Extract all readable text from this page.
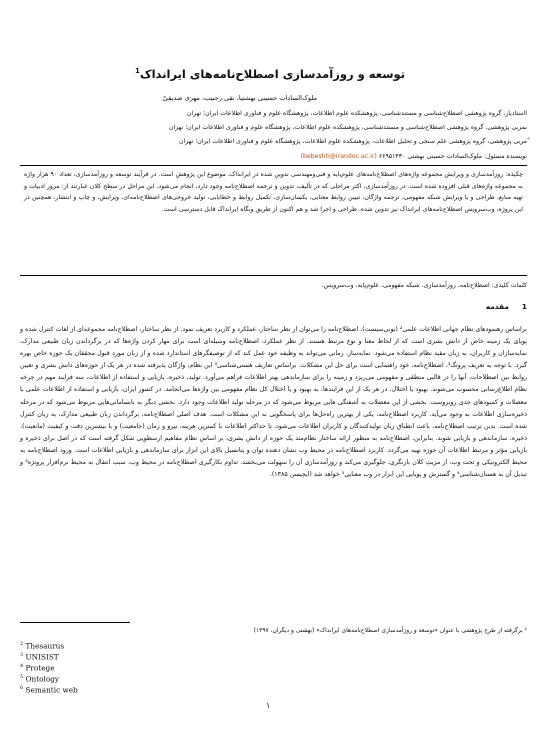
توسعه و روزآمدسازی اصطلاح‌نامه‌های ایرانداک$^1$
ملوک‌السادات حسینی بهشتیا، نقی رجبیب، مهری صدیقیْ
ااستادیار، گروه پژوهشی اصطلاح‌شناسی و مستندشناسی، پژوهشکده علوم اطلاعات، پژوهشگاه علوم و فناوری اطلاعات ایران؛ تهران
بمربی پژوهشی، گروه پژوهشی اصطلاح‌شناسی و مستندشناسی، پژوهشکده علوم اطلاعات، پژوهشگاه علوم و فناوری اطلاعات ایران؛ تهران
ْمربی پژوهشی، گروه پژوهشی علم سنجی و تحلیل اطلاعات، پژوهشکده علوم اطلاعات، پژوهشگاه علوم و فناوری اطلاعات ایران؛ تهران
نویسنده مسئول: ملوک‌السادات حسینی بهشتی ۶۶۹۵۱۴۳۰ (bebeshti@irandoc.ac.ir)
چکیده: روزآمدسازی و ویرایش مجموعه واژه‌های اصطلاح‌نامه‌های علوم‌پایه و فنی‌ومهندسی تدوین شده در ایرانداک، موضوع این پژوهش است. در فرآیند توسعه و روزآمدسازی، تعداد ۹۰ هزار واژه به مجموعه واژه‌های قبلی افزوده شده است. در روزآمدسازی، اکثر مراحلی که در تألیف، تدوین و ترجمه اصطلاح‌نامه وجود دارد، انجام می‌شود. این مراحل در سطح کلان عبارتند از: مرور ادبیات و تهیه منابع، طراحی و یا ویرایش شبکه مفهومی، ترجمه واژگان، تبیین روابط معنایی، یکسان‌سازی، تکمیل روابط و خطایابی، تولید خروجی‌های اصطلاح‌نامه‌ای، ویرایش، و چاپ و انتشار. همچنین در این پروژه، وب‌سرویس اصطلاح‌نامه‌های ایرانداک نیز تدوین شده، طراحی و اجرا شد و هم اکنون از طریق وبگاه ایرانداک قابل دسترسی است.
کلمات کلیدی: اصطلاح‌نامه، روزآمدسازی، شبکه مفهومی، علوم‌پایه، وب‌سرویس.
1     مقدمه
براساس رهنمودهای نظام جهانی اطلاعات علمی² (یونی‌سیست)، اصطلاح‌نامه را می‌توان از نظر ساختار، عملکرد و کاربرد تعریف نمود. از نظر ساختار، اصطلاح‌نامه مجموعه‌ای از لغات کنترل شده و پویای یک زمینه خاص از دانش بشری است که از لحاظ معنا و نوع مرتبط هستند. از نظر عملکرد، اصطلاح‌نامه وسیله‌ای است برای مهار کردن واژه‌ها که در برگرداندن زبان طبیعی مدارک، نمایه‌سازان و کاربران، به زبان مقید نظام استفاده می‌شود. نمایه‌ساز، زمانی می‌تواند به وظیفه خود عمل کند که از توصیفگرهای استاندارد شده و از زبان مورد قبول محققان یک حوزه خاص بهره گیرد. با توجه به تعریف پروتگ³، اصطلاح‌نامه، خود راهنمایی است برای حل این مشکلات. براساس تعاریف هستی‌شناسی⁴ این نظام، واژگان پذیرفته شده در هر یک از حوزه‌های دانش بشری و تعیین روابط بین اصطلاحات، آنها را در قالبی منطقی و مفهومی می‌ریزد و زمینه را برای سازماندهی بهتر اطلاعات فراهم می‌آورد. تولید، ذخیره، بازیابی و استفاده از اطلاعات، سه فرایند مهم در چرخه نظام اطلاع‌رسانی محسوب می‌شوند. بهبود یا اختلال، در هر یک از این فرایندها، به بهبود و یا اختلال کل نظام مفهومی بین واژه‌ها می‌انجامد. در کشور ایران، بازیابی و استفاده از اطلاعات علمی با معضلات و کمبودهای جدی روبروست. بخشی از این معضلات به آشفتگی هایی مربوط می‌شود که در مرحله تولید اطلاعات وجود دارد. بخشی دیگر به نابسامانی‌هایی مربوط می‌شود که در مرحله ذخیره‌سازی اطلاعات به وجود می‌آید. کاربرد اصطلاح‌نامه، یکی از بهترین راه‌حل‌ها برای پاسخگویی به این مشکلات است. هدف اصلی اصطلاح‌نامه، برگرداندن زبان طبیعی مدارک، به زبان کنترل شده است. بدین ترتیب اصطلاح‌نامه، باعث انطباق زبان تولیدکنندگان و کاربران اطلاعات می‌شود، تا حداکثر اطلاعات با کمترین هزینه، نیرو و زمان (جامعیت) و با بیشترین دقت و کیفیت (مانعیت)، ذخیره، سازماندهی و بازیابی شوند. بنابراین، اصطلاح‌نامه به منظور ارائه ساختار نظام‌مند یک حوزه از دانش بشری، بر اساس نظام مفاهیم ارسطویی شکل گرفته است که در اصل برای ذخیره و بازیابی مؤثر و مرتبط اطلاعات آن حوزه تهیه می‌گردد. کاربرد اصطلاح‌نامه در محیط وب نشان دهنده توان و پتانسیل بالای این ابزار برای سازماندهی و بازیابی اطلاعات است. ورود اصطلاح‌نامه به محیط الکترونیکی و تحت وب، از مزیتِ کلان بازنگری، جلوگیری می‌کند و روزآمدسازی آن را سهولت می‌بخشد. تداوم بکارگیری اصطلاح‌نامه در محیط وب، سبب انتقال به محیط نرم‌افزار پروتژه³ و تبدیل آن به هستان‌شناسی⁴ و گسترش و پویایی این ابزار در وب معنایی⁵ خواهد شد (ایچیسن ۱۳۸۵).
¹ برگرفته از طرح پژوهشی با عنوان «توسعه و روزآمدسازی اصطلاح‌نامه‌های ایرانداک» (بهشتی و دیگران، ۱۳۹۷)
$^2$ Thesaurus
$^3$ UNISIST
$^4$ Protege
$^5$ Ontology
$^6$ Semantic web
۱
